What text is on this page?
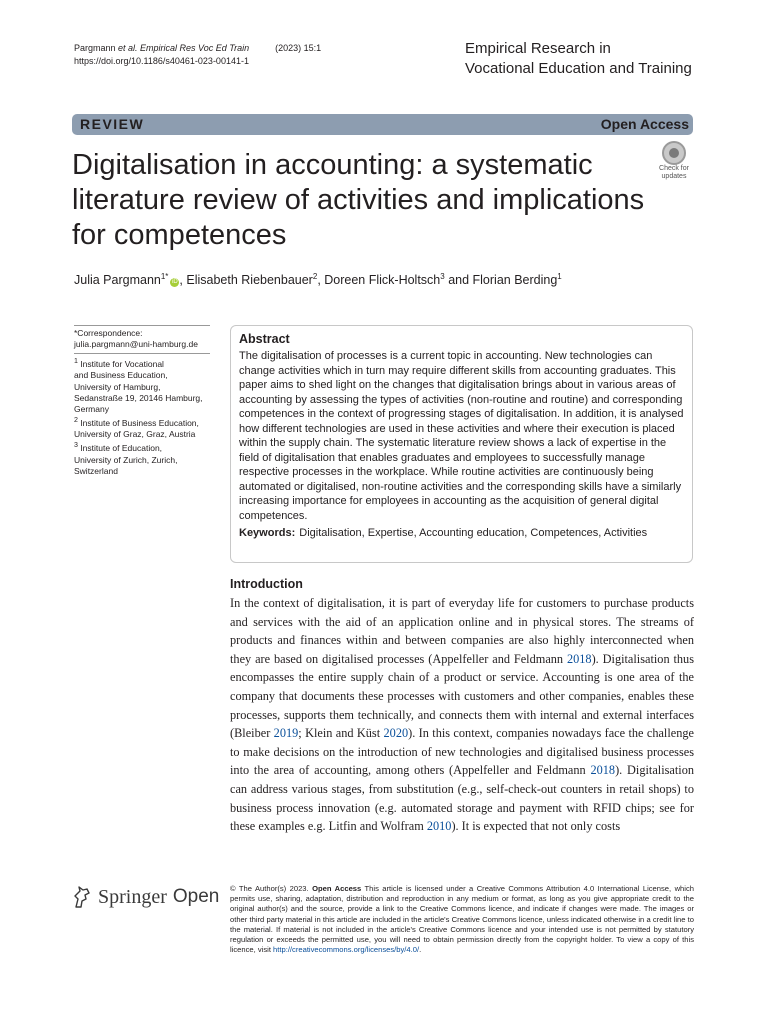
Pargmann et al. Empirical Res Voc Ed Train	(2023) 15:1
https://doi.org/10.1186/s40461-023-00141-1
Empirical Research in
Vocational Education and Training
REVIEW	Open Access
Digitalisation in accounting: a systematic literature review of activities and implications for competences
Check for
updates
Julia Pargmann$^{1*}$iD , Elisabeth Riebenbauer$^2$, Doreen Flick-Holtsch$^3$ and Florian Berding$^1$

*Correspondence:

julia.pargmann@uni-hamburg.de

$^1$ Institute for Vocational

and Business Education,

University of Hamburg,

Sedanstraße 19, 20146 Hamburg,

Germany

$^2$ Institute of Business Education,

University of Graz, Graz, Austria

$^3$ Institute of Education,

University of Zurich, Zurich,

Switzerland

Abstract

The digitalisation of processes is a current topic in accounting. New technologies can change activities which in turn may require different skills from accounting graduates. This paper aims to shed light on the changes that digitalisation brings about in various areas of accounting by assessing the types of activities (non-routine and routine) and corresponding competences in the context of progressing stages of digitalisation. In addition, it is analysed how different technologies are used in these activities and where their execution is placed within the supply chain. The systematic literature review shows a lack of expertise in the field of digitalisation that enables graduates and employees to successfully manage respective processes in the workplace. While routine activities are continuously being automated or digitalised, non-routine activities and the corresponding skills have a similarly increasing importance for employees in accounting as the acquisition of general digital competences.

Keywords: Digitalisation, Expertise, Accounting education, Competences, Activities
Introduction

In the context of digitalisation, it is part of everyday life for customers to purchase products and services with the aid of an application online and in physical stores. The streams of products and finances within and between companies are also highly interconnected when they are based on digitalised processes (Appelfeller and Feldmann 2018). Digitalisation thus encompasses the entire supply chain of a product or service. Accounting is one area of the company that documents these processes with customers and other companies, enables these processes, supports them technically, and connects them with internal and external interfaces (Bleiber 2019; Klein and Küst 2020). In this context, companies nowadays face the challenge to make decisions on the introduction of new technologies and digitalised business processes into the area of accounting, among others (Appelfeller and Feldmann 2018). Digitalisation can address various stages, from substitution (e.g., self-check-out counters in retail shops) to business process innovation (e.g. automated storage and payment with RFID chips; see for these examples e.g. Litfin and Wolfram 2010). It is expected that not only costs

Springer Open © The Author(s) 2023. Open Access This article is licensed under a Creative Commons Attribution 4.0 International License, which permits use, sharing, adaptation, distribution and reproduction in any medium or format, as long as you give appropriate credit to the original author(s) and the source, provide a link to the Creative Commons licence, and indicate if changes were made. The images or other third party material in this article are included in the article's Creative Commons licence, unless indicated otherwise in a credit line to the material. If material is not included in the article's Creative Commons licence and your intended use is not permitted by statutory regulation or exceeds the permitted use, you will need to obtain permission directly from the copyright holder. To view a copy of this licence, visit http://creativecommons.org/licenses/by/4.0/.
